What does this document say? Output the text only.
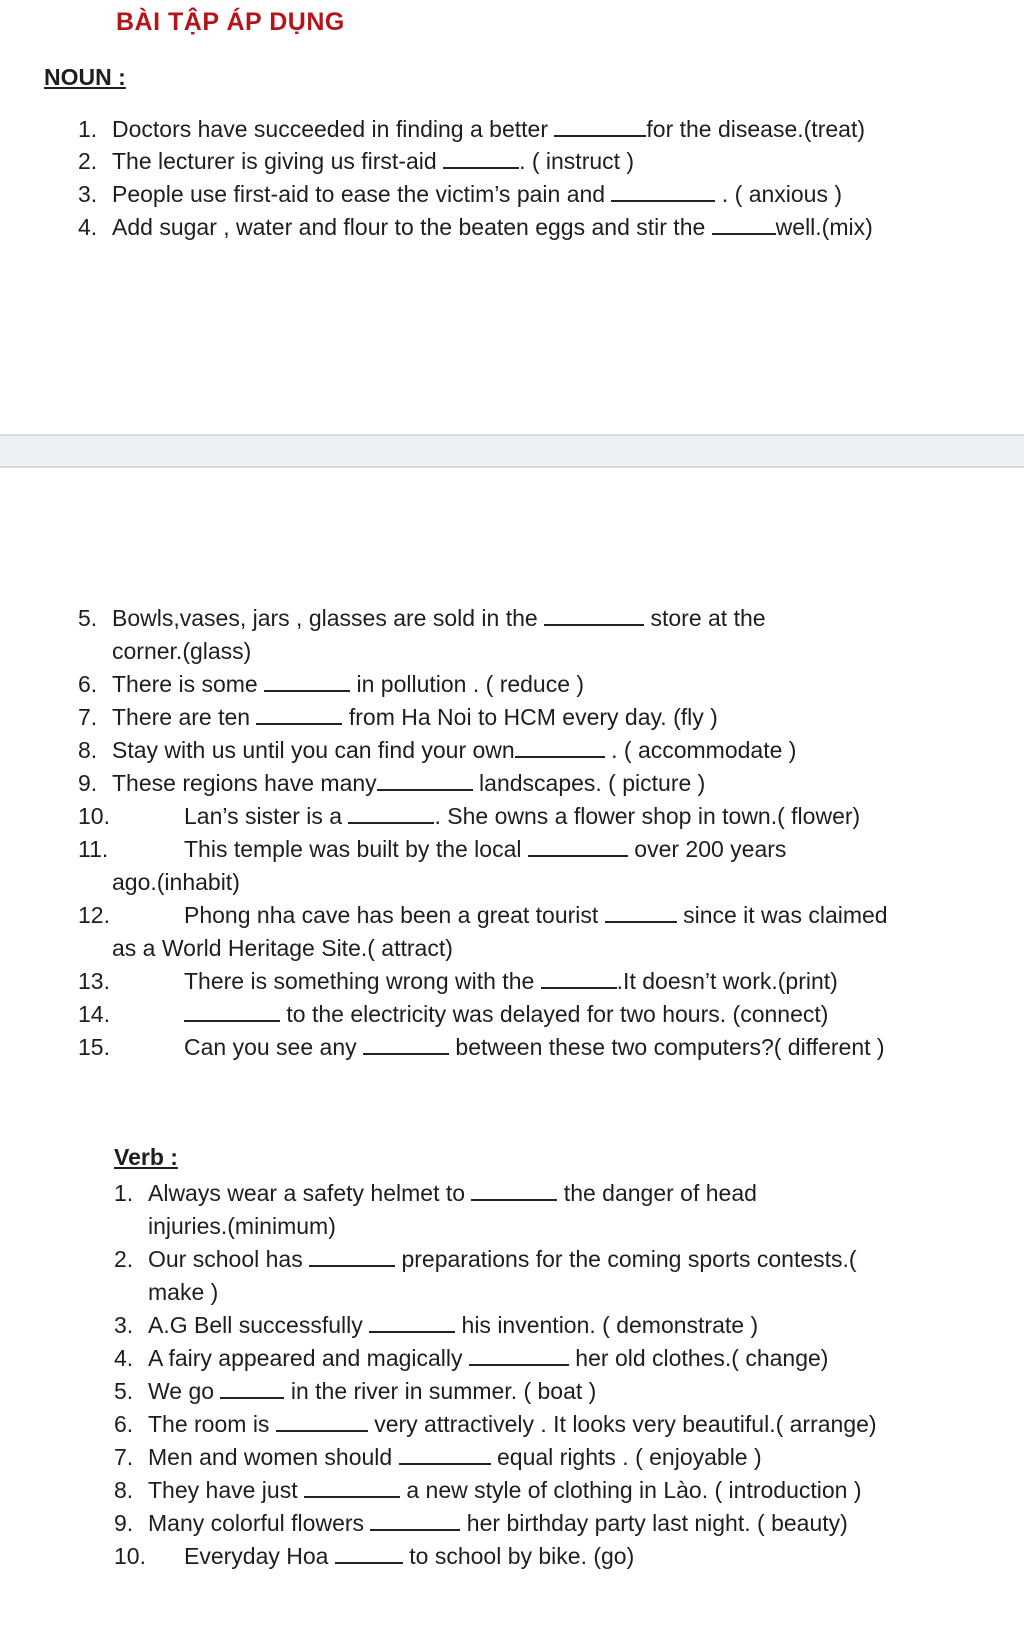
BÀI TẬP ÁP DỤNG
NOUN :
1. Doctors have succeeded in finding a better	for the disease.(treat)
2. The lecturer is giving us first-aid	. ( instruct )
3. People use first-aid to ease the victim’s pain and	. ( anxious )
4. Add sugar , water and flour to the beaten eggs and stir the	well.(mix)
5. Bowls,vases, jars , glasses are sold in the	store at the
corner.(glass)
6. There is some	in pollution . ( reduce )
7. There are ten	from Ha Noi to HCM every day. (fly )
8. Stay with us until you can find your own	. ( accommodate )
9. These regions have many	landscapes. ( picture )
10.	Lan’s sister is a	. She owns a flower shop in town.( flower)
11.	This temple was built by the local	over 200 years
ago.(inhabit)
12.	Phong nha cave has been a great tourist	since it was claimed
as a World Heritage Site.( attract)
13.	There is something wrong with the	.It doesn’t work.(print)
14.	to the electricity was delayed for two hours. (connect)
15.	Can you see any	between these two computers?( different )
Verb :
1. Always wear a safety helmet to	the danger of head
injuries.(minimum)
2. Our school has	preparations for the coming sports contests.(
make )
3. A.G Bell successfully	his invention. ( demonstrate )
4. A fairy appeared and magically	her old clothes.( change)
5. We go	in the river in summer. ( boat )
6. The room is	very attractively . It looks very beautiful.( arrange)
7. Men and women should	equal rights . ( enjoyable )
8. They have just	a new style of clothing in Lào. ( introduction )
9. Many colorful flowers	her birthday party last night. ( beauty)
10. Everyday Hoa	to school by bike. (go)
